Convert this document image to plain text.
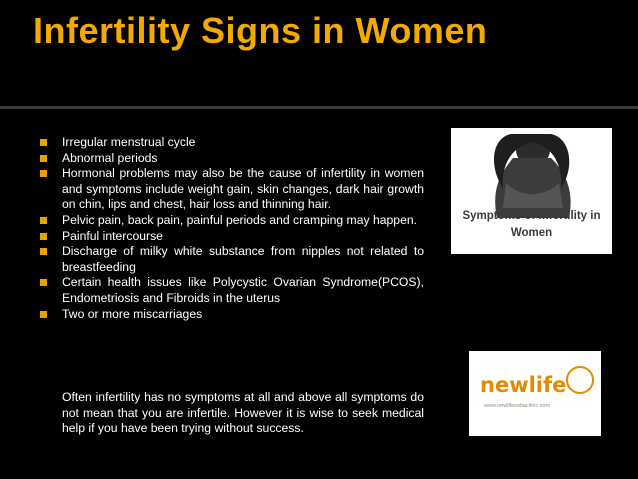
Infertility Signs in Women
Irregular menstrual cycle
Abnormal periods
Hormonal problems may also be the cause of infertility in women and symptoms include weight gain, skin changes, dark hair growth on chin, lips and chest, hair loss and thinning hair.
Pelvic pain, back pain, painful periods and cramping may happen.
Painful intercourse
Discharge of milky white substance from nipples not related to breastfeeding
Certain health issues like Polycystic Ovarian Syndrome(PCOS), Endometriosis and Fibroids in the uterus
Two or more miscarriages

Often infertility has no symptoms at all and above all symptoms do not mean that you are infertile. However it is wise to seek medical help if you have been trying without success.

Symptoms of Infertility in Women
newlife
www.newlifeindiaclinic.com
